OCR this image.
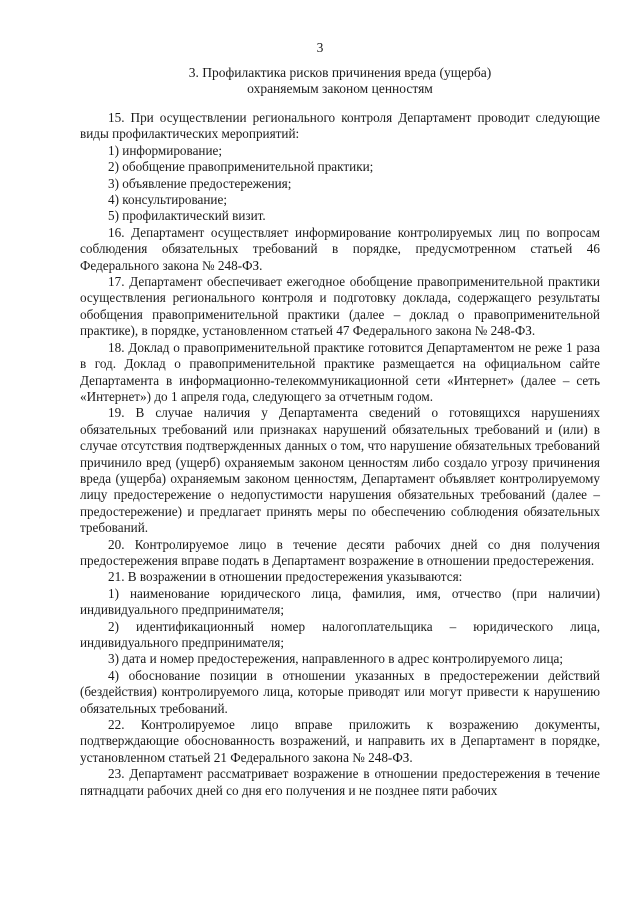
3
3. Профилактика рисков причинения вреда (ущерба)
охраняемым законом ценностям

15. При осуществлении регионального контроля Департамент проводит следующие виды профилактических мероприятий:

1) информирование;

2) обобщение правоприменительной практики;

3) объявление предостережения;

4) консультирование;

5) профилактический визит.

16. Департамент осуществляет информирование контролируемых лиц по вопросам соблюдения обязательных требований в порядке, предусмотренном статьей 46 Федерального закона № 248-ФЗ.

17. Департамент обеспечивает ежегодное обобщение правоприменительной практики осуществления регионального контроля и подготовку доклада, содержащего результаты обобщения правоприменительной практики (далее – доклад о правоприменительной практике), в порядке, установленном статьей 47 Федерального закона № 248-ФЗ.

18. Доклад о правоприменительной практике готовится Департаментом не реже 1 раза в год. Доклад о правоприменительной практике размещается на официальном сайте Департамента в информационно-телекоммуникационной сети «Интернет» (далее – сеть «Интернет») до 1 апреля года, следующего за отчетным годом.

19. В случае наличия у Департамента сведений о готовящихся нарушениях обязательных требований или признаках нарушений обязательных требований и (или) в случае отсутствия подтвержденных данных о том, что нарушение обязательных требований причинило вред (ущерб) охраняемым законом ценностям либо создало угрозу причинения вреда (ущерба) охраняемым законом ценностям, Департамент объявляет контролируемому лицу предостережение о недопустимости нарушения обязательных требований (далее – предостережение) и предлагает принять меры по обеспечению соблюдения обязательных требований.

20. Контролируемое лицо в течение десяти рабочих дней со дня получения предостережения вправе подать в Департамент возражение в отношении предостережения.

21. В возражении в отношении предостережения указываются:

1) наименование юридического лица, фамилия, имя, отчество (при наличии) индивидуального предпринимателя;

2) идентификационный номер налогоплательщика – юридического лица, индивидуального предпринимателя;

3) дата и номер предостережения, направленного в адрес контролируемого лица;

4) обоснование позиции в отношении указанных в предостережении действий (бездействия) контролируемого лица, которые приводят или могут привести к нарушению обязательных требований.

22. Контролируемое лицо вправе приложить к возражению документы, подтверждающие обоснованность возражений, и направить их в Департамент в порядке, установленном статьей 21 Федерального закона № 248-ФЗ.

23. Департамент рассматривает возражение в отношении предостережения в течение пятнадцати рабочих дней со дня его получения и не позднее пяти рабочих
